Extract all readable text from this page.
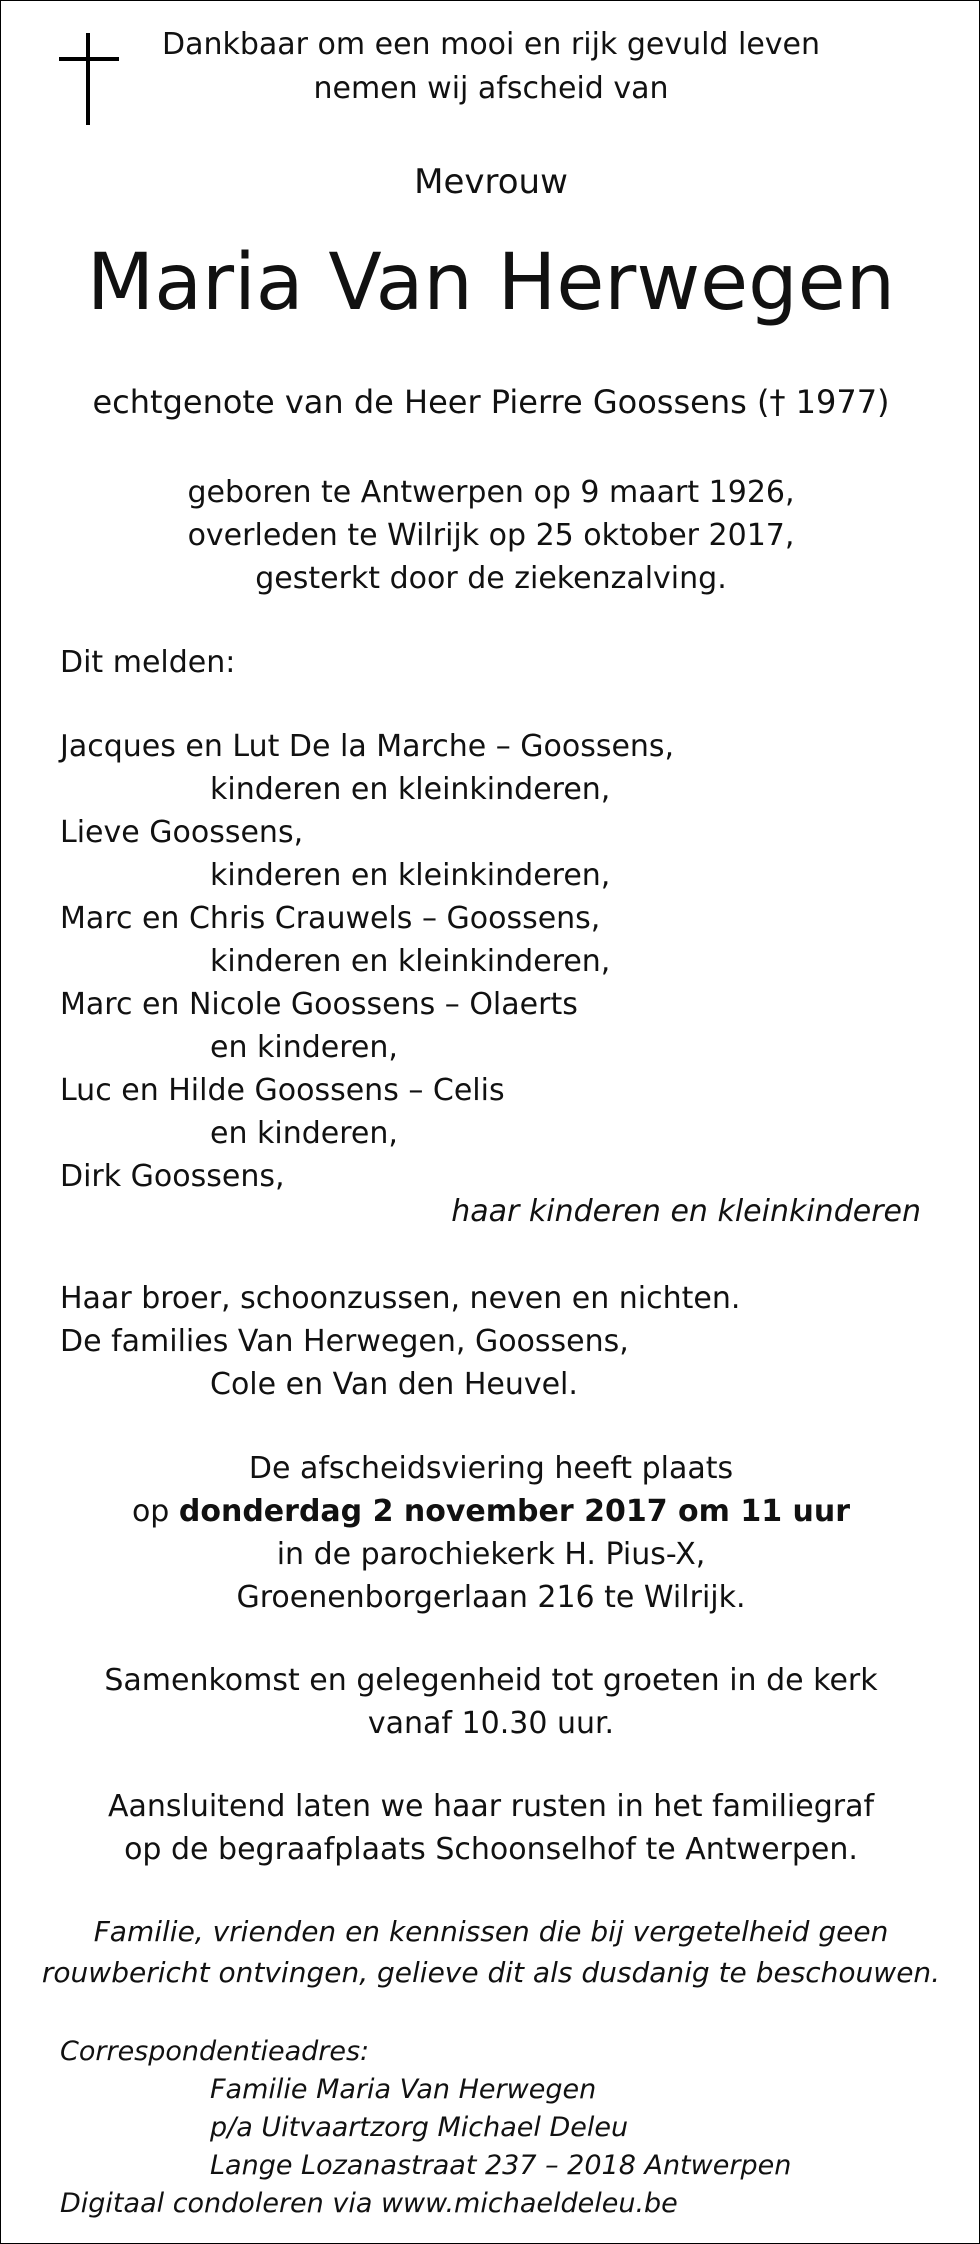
Dankbaar om een mooi en rijk gevuld leven
nemen wij afscheid van
Mevrouw
Maria Van Herwegen
echtgenote van de Heer Pierre Goossens († 1977)
geboren te Antwerpen op 9 maart 1926,
overleden te Wilrijk op 25 oktober 2017,
gesterkt door de ziekenzalving.
Dit melden:
Jacques en Lut De la Marche – Goossens,
kinderen en kleinkinderen,
Lieve Goossens,
kinderen en kleinkinderen,
Marc en Chris Crauwels – Goossens,
kinderen en kleinkinderen,
Marc en Nicole Goossens – Olaerts
en kinderen,
Luc en Hilde Goossens – Celis
en kinderen,
Dirk Goossens,
haar kinderen en kleinkinderen
Haar broer, schoonzussen, neven en nichten.
De families Van Herwegen, Goossens,
Cole en Van den Heuvel.
De afscheidsviering heeft plaats
op donderdag 2 november 2017 om 11 uur
in de parochiekerk H. Pius-X,
Groenenborgerlaan 216 te Wilrijk.
Samenkomst en gelegenheid tot groeten in de kerk
vanaf 10.30 uur.
Aansluitend laten we haar rusten in het familiegraf
op de begraafplaats Schoonselhof te Antwerpen.
Familie, vrienden en kennissen die bij vergetelheid geen
rouwbericht ontvingen, gelieve dit als dusdanig te beschouwen.
Correspondentieadres:
Familie Maria Van Herwegen
p/a Uitvaartzorg Michael Deleu
Lange Lozanastraat 237 – 2018 Antwerpen
Digitaal condoleren via www.michaeldeleu.be
